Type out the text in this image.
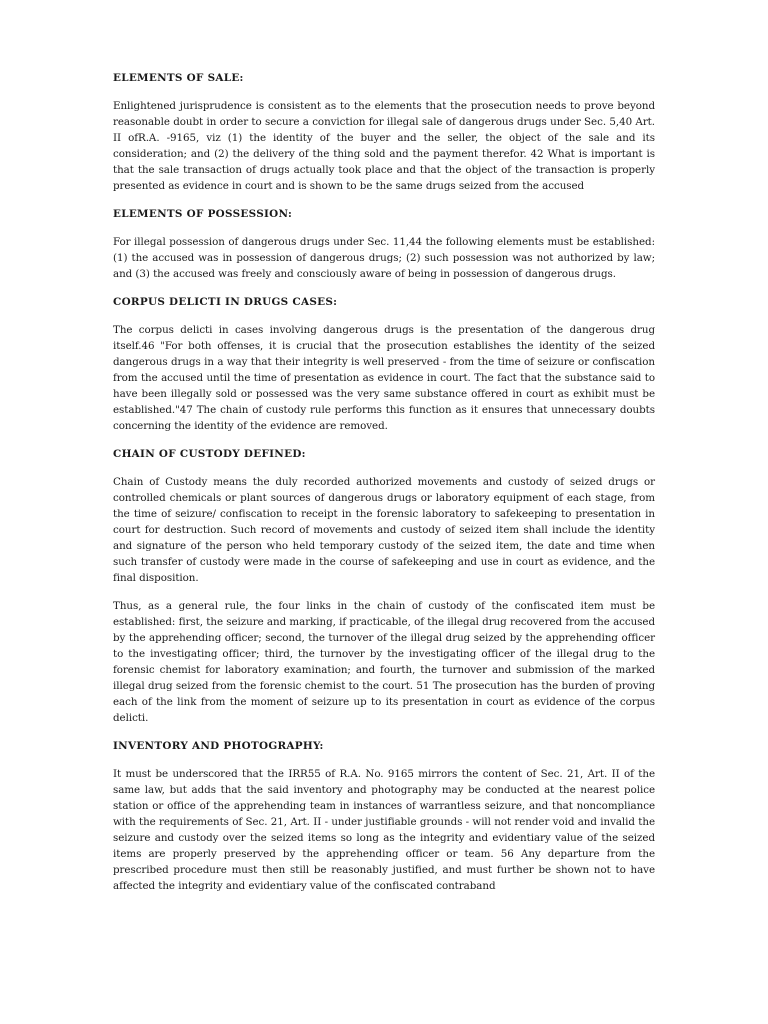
ELEMENTS OF SALE:

Enlightened jurisprudence is consistent as to the elements that the prosecution needs to prove beyond reasonable doubt in order to secure a conviction for illegal sale of dangerous drugs under Sec. 5,40 Art. II ofR.A. -9165, viz (1) the identity of the buyer and the seller, the object of the sale and its consideration; and (2) the delivery of the thing sold and the payment therefor. 42 What is important is that the sale transaction of drugs actually took place and that the object of the transaction is properly presented as evidence in court and is shown to be the same drugs seized from the accused

ELEMENTS OF POSSESSION:

For illegal possession of dangerous drugs under Sec. 11,44 the following elements must be established: (1) the accused was in possession of dangerous drugs; (2) such possession was not authorized by law; and (3) the accused was freely and consciously aware of being in possession of dangerous drugs.

CORPUS DELICTI IN DRUGS CASES:

The corpus delicti in cases involving dangerous drugs is the presentation of the dangerous drug itself.46 "For both offenses, it is crucial that the prosecution establishes the identity of the seized dangerous drugs in a way that their integrity is well preserved - from the time of seizure or confiscation from the accused until the time of presentation as evidence in court. The fact that the substance said to have been illegally sold or possessed was the very same substance offered in court as exhibit must be established."47 The chain of custody rule performs this function as it ensures that unnecessary doubts concerning the identity of the evidence are removed.

CHAIN OF CUSTODY DEFINED:

Chain of Custody means the duly recorded authorized movements and custody of seized drugs or controlled chemicals or plant sources of dangerous drugs or laboratory equipment of each stage, from the time of seizure/ confiscation to receipt in the forensic laboratory to safekeeping to presentation in court for destruction. Such record of movements and custody of seized item shall include the identity and signature of the person who held temporary custody of the seized item, the date and time when such transfer of custody were made in the course of safekeeping and use in court as evidence, and the final disposition.

Thus, as a general rule, the four links in the chain of custody of the confiscated item must be established: first, the seizure and marking, if practicable, of the illegal drug recovered from the accused by the apprehending officer; second, the turnover of the illegal drug seized by the apprehending officer to the investigating officer; third, the turnover by the investigating officer of the illegal drug to the forensic chemist for laboratory examination; and fourth, the turnover and submission of the marked illegal drug seized from the forensic chemist to the court. 51 The prosecution has the burden of proving each of the link from the moment of seizure up to its presentation in court as evidence of the corpus delicti.

INVENTORY AND PHOTOGRAPHY:

It must be underscored that the IRR55 of R.A. No. 9165 mirrors the content of Sec. 21, Art. II of the same law, but adds that the said inventory and photography may be conducted at the nearest police station or office of the apprehending team in instances of warrantless seizure, and that noncompliance with the requirements of Sec. 21, Art. II - under justifiable grounds - will not render void and invalid the seizure and custody over the seized items so long as the integrity and evidentiary value of the seized items are properly preserved by the apprehending officer or team. 56 Any departure from the prescribed procedure must then still be reasonably justified, and must further be shown not to have affected the integrity and evidentiary value of the confiscated contraband
